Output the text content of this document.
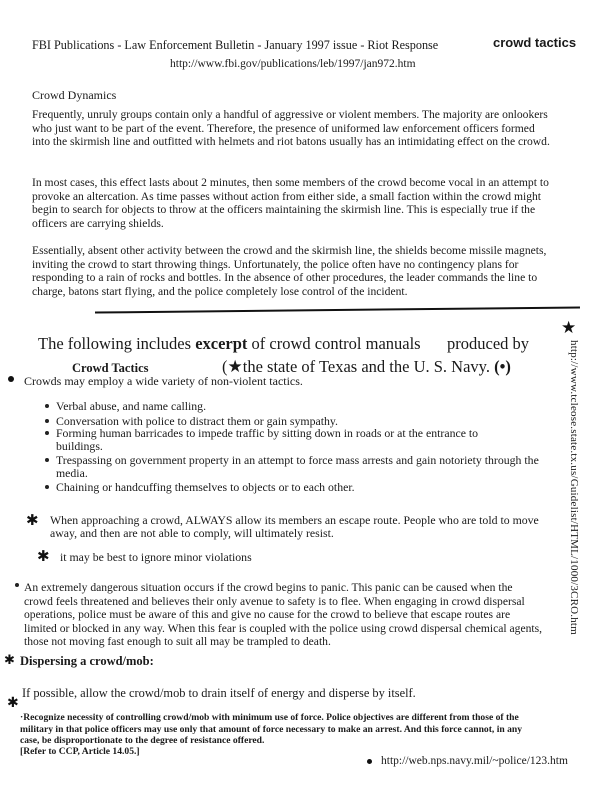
FBI Publications - Law Enforcement Bulletin - January 1997 issue - Riot Response	crowd tactics
http://www.fbi.gov/publications/leb/1997/jan972.htm
Crowd Dynamics
Frequently, unruly groups contain only a handful of aggressive or violent members. The majority are onlookers who just want to be part of the event. Therefore, the presence of uniformed law enforcement officers formed into the skirmish line and outfitted with helmets and riot batons usually has an intimidating effect on the crowd.
In most cases, this effect lasts about 2 minutes, then some members of the crowd become vocal in an attempt to provoke an altercation. As time passes without action from either side, a small faction within the crowd might begin to search for objects to throw at the officers maintaining the skirmish line. This is especially true if the officers are carrying shields.
Essentially, absent other activity between the crowd and the skirmish line, the shields become missile magnets, inviting the crowd to start throwing things. Unfortunately, the police often have no contingency plans for responding to a rain of rocks and bottles. In the absence of other procedures, the leader commands the line to charge, batons start flying, and the police completely lose control of the incident.
★
http://www.tcleose.state.tx.us/Guidelist/HTML/1000/3CRO.htm
The following includes excerpt of crowd control manuals produced by
Crowd Tactics	(★the state of Texas and the U. S. Navy. (•)
Crowds may employ a wide variety of non-violent tactics.
Verbal abuse, and name calling.
Conversation with police to distract them or gain sympathy.
Forming human barricades to impede traffic by sitting down in roads or at the entrance to buildings.
Trespassing on government property in an attempt to force mass arrests and gain notoriety through the media.
Chaining or handcuffing themselves to objects or to each other.
✱ When approaching a crowd, ALWAYS allow its members an escape route. People who are told to move away, and then are not able to comply, will ultimately resist.
✱ it may be best to ignore minor violations
An extremely dangerous situation occurs if the crowd begins to panic. This panic can be caused when the crowd feels threatened and believes their only avenue to safety is to flee. When engaging in crowd dispersal operations, police must be aware of this and give no cause for the crowd to believe that escape routes are limited or blocked in any way. When this fear is coupled with the police using crowd dispersal chemical agents, those not moving fast enough to suit all may be trampled to death.
✱ Dispersing a crowd/mob:
If possible, allow the crowd/mob to drain itself of energy and disperse by itself.
✱
·Recognize necessity of controlling crowd/mob with minimum use of force. Police objectives are different from those of the military in that police officers may use only that amount of force necessary to make an arrest. And this force cannot, in any case, be disproportionate to the degree of resistance offered.
[Refer to CCP, Article 14.05.]
http://web.nps.navy.mil/~police/123.htm
